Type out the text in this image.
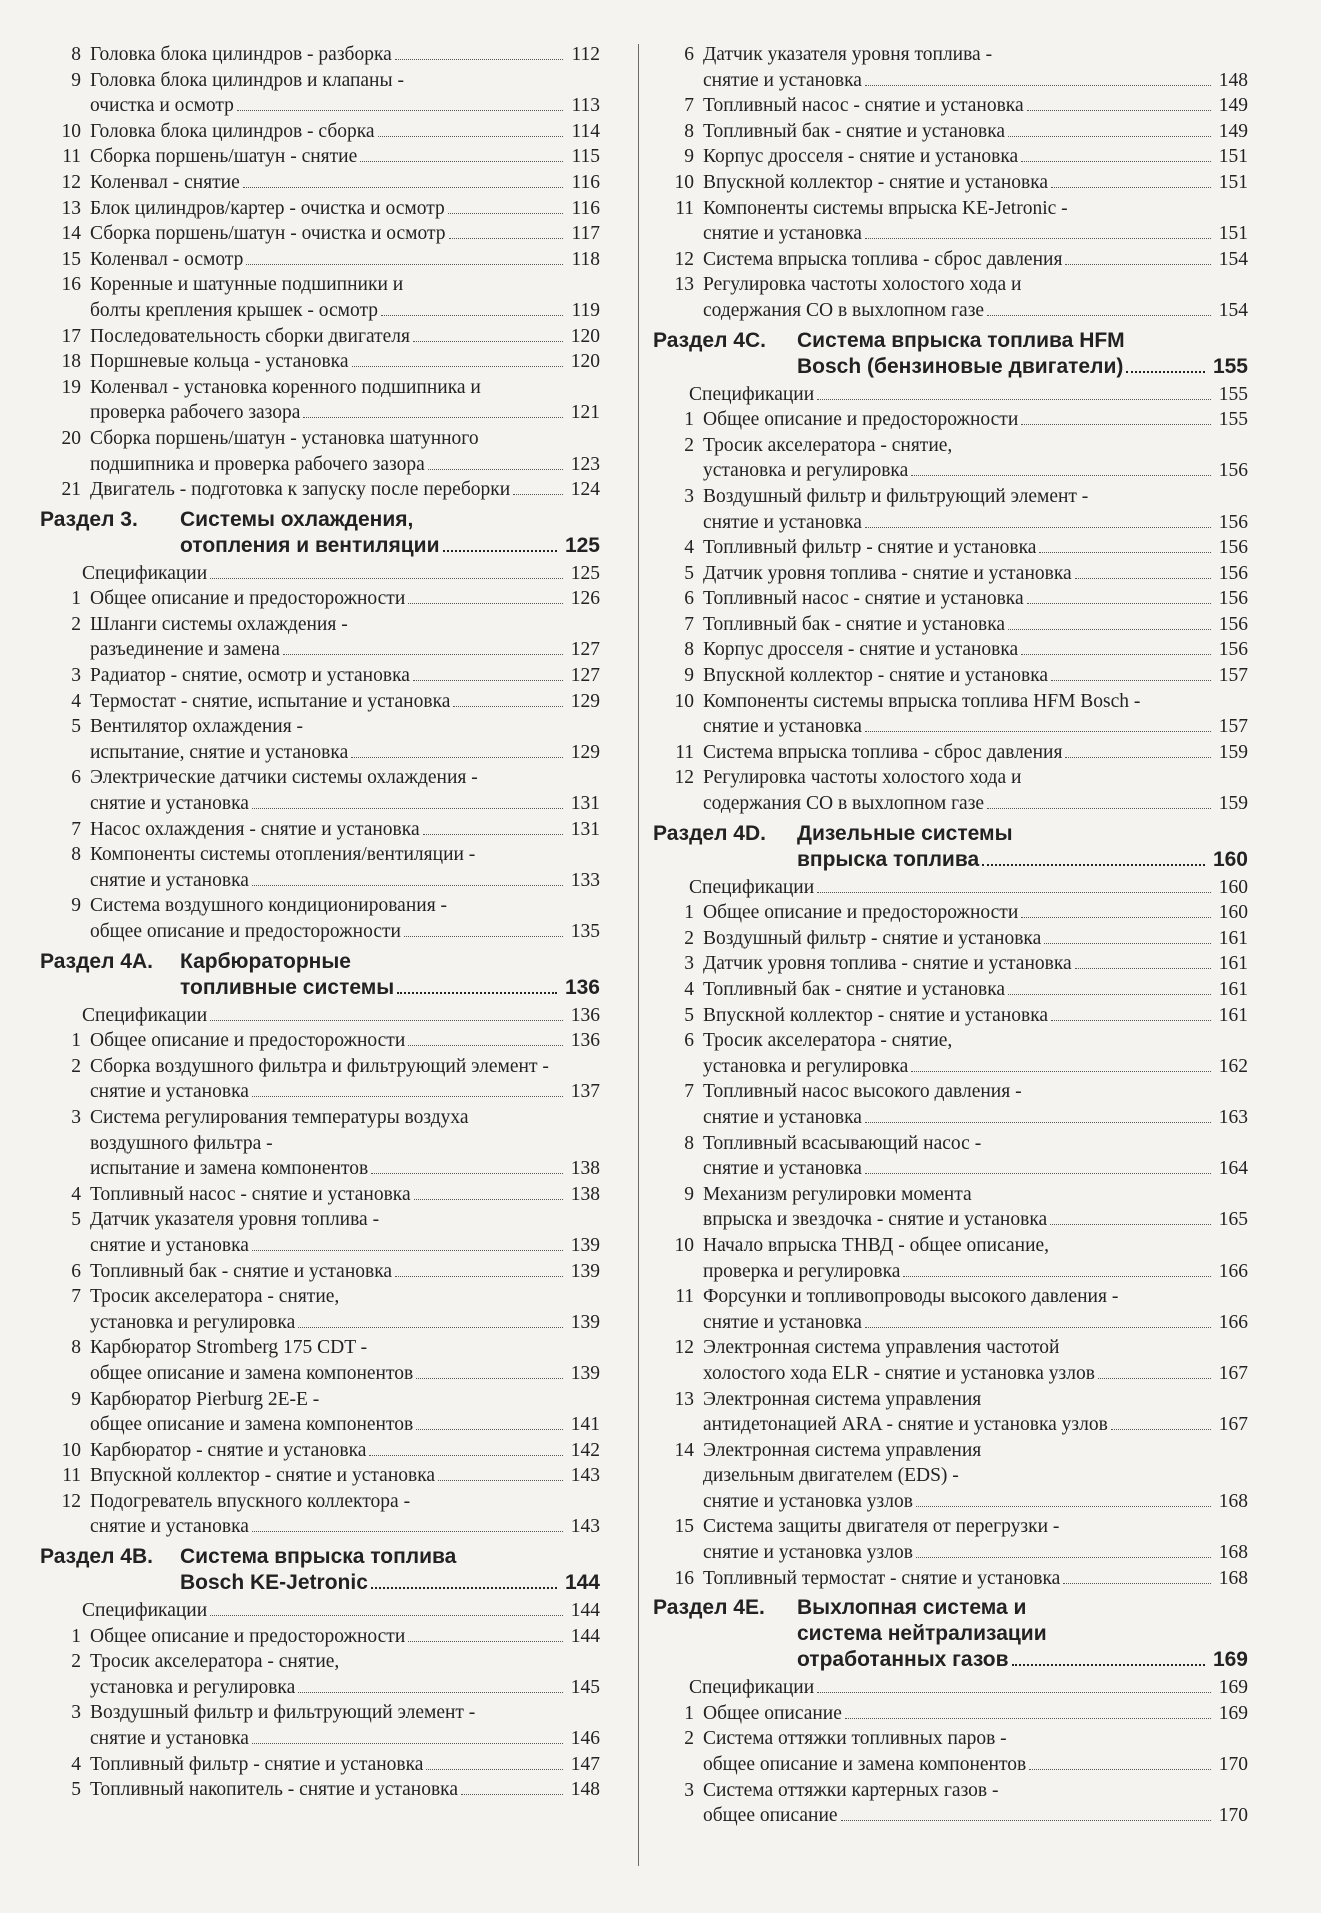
8 Головка блока цилиндров - разборка	112
9 Головка блока цилиндров и клапаны -
очистка и осмотр	113
10 Головка блока цилиндров - сборка	114
11 Сборка поршень/шатун - снятие	115
12 Коленвал - снятие	116
13 Блок цилиндров/картер - очистка и осмотр	116
14 Сборка поршень/шатун - очистка и осмотр	117
15 Коленвал - осмотр	118
16 Коренные и шатунные подшипники и
болты крепления крышек - осмотр	119
17 Последовательность сборки двигателя	120
18 Поршневые кольца - установка	120
19 Коленвал - установка коренного подшипника и
проверка рабочего зазора	121
20 Сборка поршень/шатун - установка шатунного
подшипника и проверка рабочего зазора	123
21 Двигатель - подготовка к запуску после переборки	124
Раздел 3.	Системы охлаждения,
отопления и вентиляции	125
Спецификации	125
1 Общее описание и предосторожности	126
2 Шланги системы охлаждения -
разъединение и замена	127
3 Радиатор - снятие, осмотр и установка	127
4 Термостат - снятие, испытание и установка	129
5 Вентилятор охлаждения -
испытание, снятие и установка	129
6 Электрические датчики системы охлаждения -
снятие и установка	131
7 Насос охлаждения - снятие и установка	131
8 Компоненты системы отопления/вентиляции -
снятие и установка	133
9 Система воздушного кондиционирования -
общее описание и предосторожности	135
Раздел 4А.	Карбюраторные
топливные системы	136
Спецификации	136
1 Общее описание и предосторожности	136
2 Сборка воздушного фильтра и фильтрующий элемент -
снятие и установка	137
3 Система регулирования температуры воздуха
воздушного фильтра -
испытание и замена компонентов	138
4 Топливный насос - снятие и установка	138
5 Датчик указателя уровня топлива -
снятие и установка	139
6 Топливный бак - снятие и установка	139
7 Тросик акселератора - снятие,
установка и регулировка	139
8 Карбюратор Stromberg 175 CDT -
общее описание и замена компонентов	139
9 Карбюратор Pierburg 2E-E -
общее описание и замена компонентов	141
10 Карбюратор - снятие и установка	142
11 Впускной коллектор - снятие и установка	143
12 Подогреватель впускного коллектора -
снятие и установка	143
Раздел 4В.	Система впрыска топлива
Bosch KE-Jetronic	144
Спецификации	144
1 Общее описание и предосторожности	144
2 Тросик акселератора - снятие,
установка и регулировка	145
3 Воздушный фильтр и фильтрующий элемент -
снятие и установка	146
4 Топливный фильтр - снятие и установка	147
5 Топливный накопитель - снятие и установка	148
6 Датчик указателя уровня топлива -
снятие и установка	148
7 Топливный насос - снятие и установка	149
8 Топливный бак - снятие и установка	149
9 Корпус дросселя - снятие и установка	151
10 Впускной коллектор - снятие и установка	151
11 Компоненты системы впрыска KE-Jetronic -
снятие и установка	151
12 Система впрыска топлива - сброс давления	154
13 Регулировка частоты холостого хода и
содержания CO в выхлопном газе	154
Раздел 4С.	Система впрыска топлива HFM
Bosch (бензиновые двигатели)	155
Спецификации	155
1 Общее описание и предосторожности	155
2 Тросик акселератора - снятие,
установка и регулировка	156
3 Воздушный фильтр и фильтрующий элемент -
снятие и установка	156
4 Топливный фильтр - снятие и установка	156
5 Датчик уровня топлива - снятие и установка	156
6 Топливный насос - снятие и установка	156
7 Топливный бак - снятие и установка	156
8 Корпус дросселя - снятие и установка	156
9 Впускной коллектор - снятие и установка	157
10 Компоненты системы впрыска топлива HFM Bosch -
снятие и установка	157
11 Система впрыска топлива - сброс давления	159
12 Регулировка частоты холостого хода и
содержания CO в выхлопном газе	159
Раздел 4D.	Дизельные системы
впрыска топлива	160
Спецификации	160
1 Общее описание и предосторожности	160
2 Воздушный фильтр - снятие и установка	161
3 Датчик уровня топлива - снятие и установка	161
4 Топливный бак - снятие и установка	161
5 Впускной коллектор - снятие и установка	161
6 Тросик акселератора - снятие,
установка и регулировка	162
7 Топливный насос высокого давления -
снятие и установка	163
8 Топливный всасывающий насос -
снятие и установка	164
9 Механизм регулировки момента
впрыска и звездочка - снятие и установка	165
10 Начало впрыска ТНВД - общее описание,
проверка и регулировка	166
11 Форсунки и топливопроводы высокого давления -
снятие и установка	166
12 Электронная система управления частотой
холостого хода ELR - снятие и установка узлов	167
13 Электронная система управления
антидетонацией ARA - снятие и установка узлов	167
14 Электронная система управления
дизельным двигателем (EDS) -
снятие и установка узлов	168
15 Система защиты двигателя от перегрузки -
снятие и установка узлов	168
16 Топливный термостат - снятие и установка	168
Раздел 4Е.	Выхлопная система и
система нейтрализации
отработанных газов	169
Спецификации	169
1 Общее описание	169
2 Система оттяжки топливных паров -
общее описание и замена компонентов	170
3 Система оттяжки картерных газов -
общее описание	170
